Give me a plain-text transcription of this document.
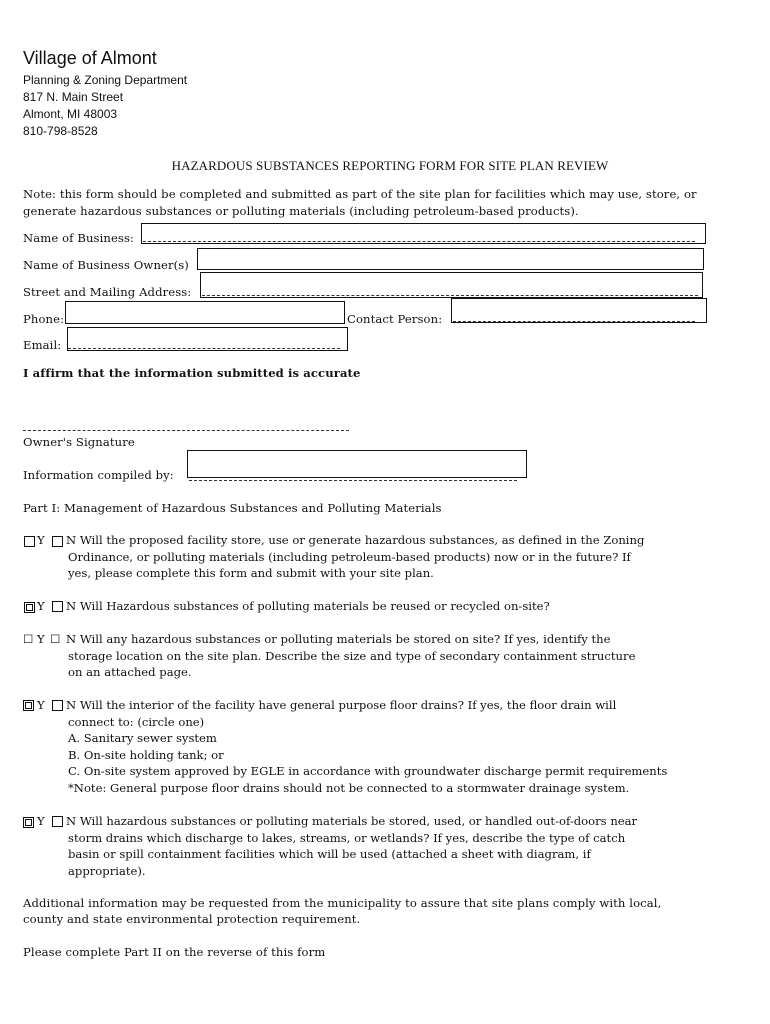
Village of Almont
Planning & Zoning Department
817 N. Main Street
Almont, MI 48003
810-798-8528
HAZARDOUS SUBSTANCES REPORTING FORM FOR SITE PLAN REVIEW
Note: this form should be completed and submitted as part of the site plan for facilities which may use, store, or
generate hazardous substances or polluting materials (including petroleum-based products).
Name of Business:
Name of Business Owner(s)
Street and Mailing Address:
Phone:	Contact Person:
Email:
I affirm that the information submitted is accurate
Owner's Signature
Information compiled by:
Part I: Management of Hazardous Substances and Polluting Materials
Y N Will the proposed facility store, use or generate hazardous substances, as defined in the Zoning
Ordinance, or polluting materials (including petroleum-based products) now or in the future? If
yes, please complete this form and submit with your site plan.
Y N Will Hazardous substances of polluting materials be reused or recycled on-site?
☐ Y ☐ N Will any hazardous substances or polluting materials be stored on site? If yes, identify the
storage location on the site plan. Describe the size and type of secondary containment structure
on an attached page.
Y N Will the interior of the facility have general purpose floor drains? If yes, the floor drain will
connect to: (circle one)
A. Sanitary sewer system
B. On-site holding tank; or
C. On-site system approved by EGLE in accordance with groundwater discharge permit requirements
*Note: General purpose floor drains should not be connected to a stormwater drainage system.
Y N Will hazardous substances or polluting materials be stored, used, or handled out-of-doors near
storm drains which discharge to lakes, streams, or wetlands? If yes, describe the type of catch
basin or spill containment facilities which will be used (attached a sheet with diagram, if
appropriate).
Additional information may be requested from the municipality to assure that site plans comply with local,
county and state environmental protection requirement.
Please complete Part II on the reverse of this form
